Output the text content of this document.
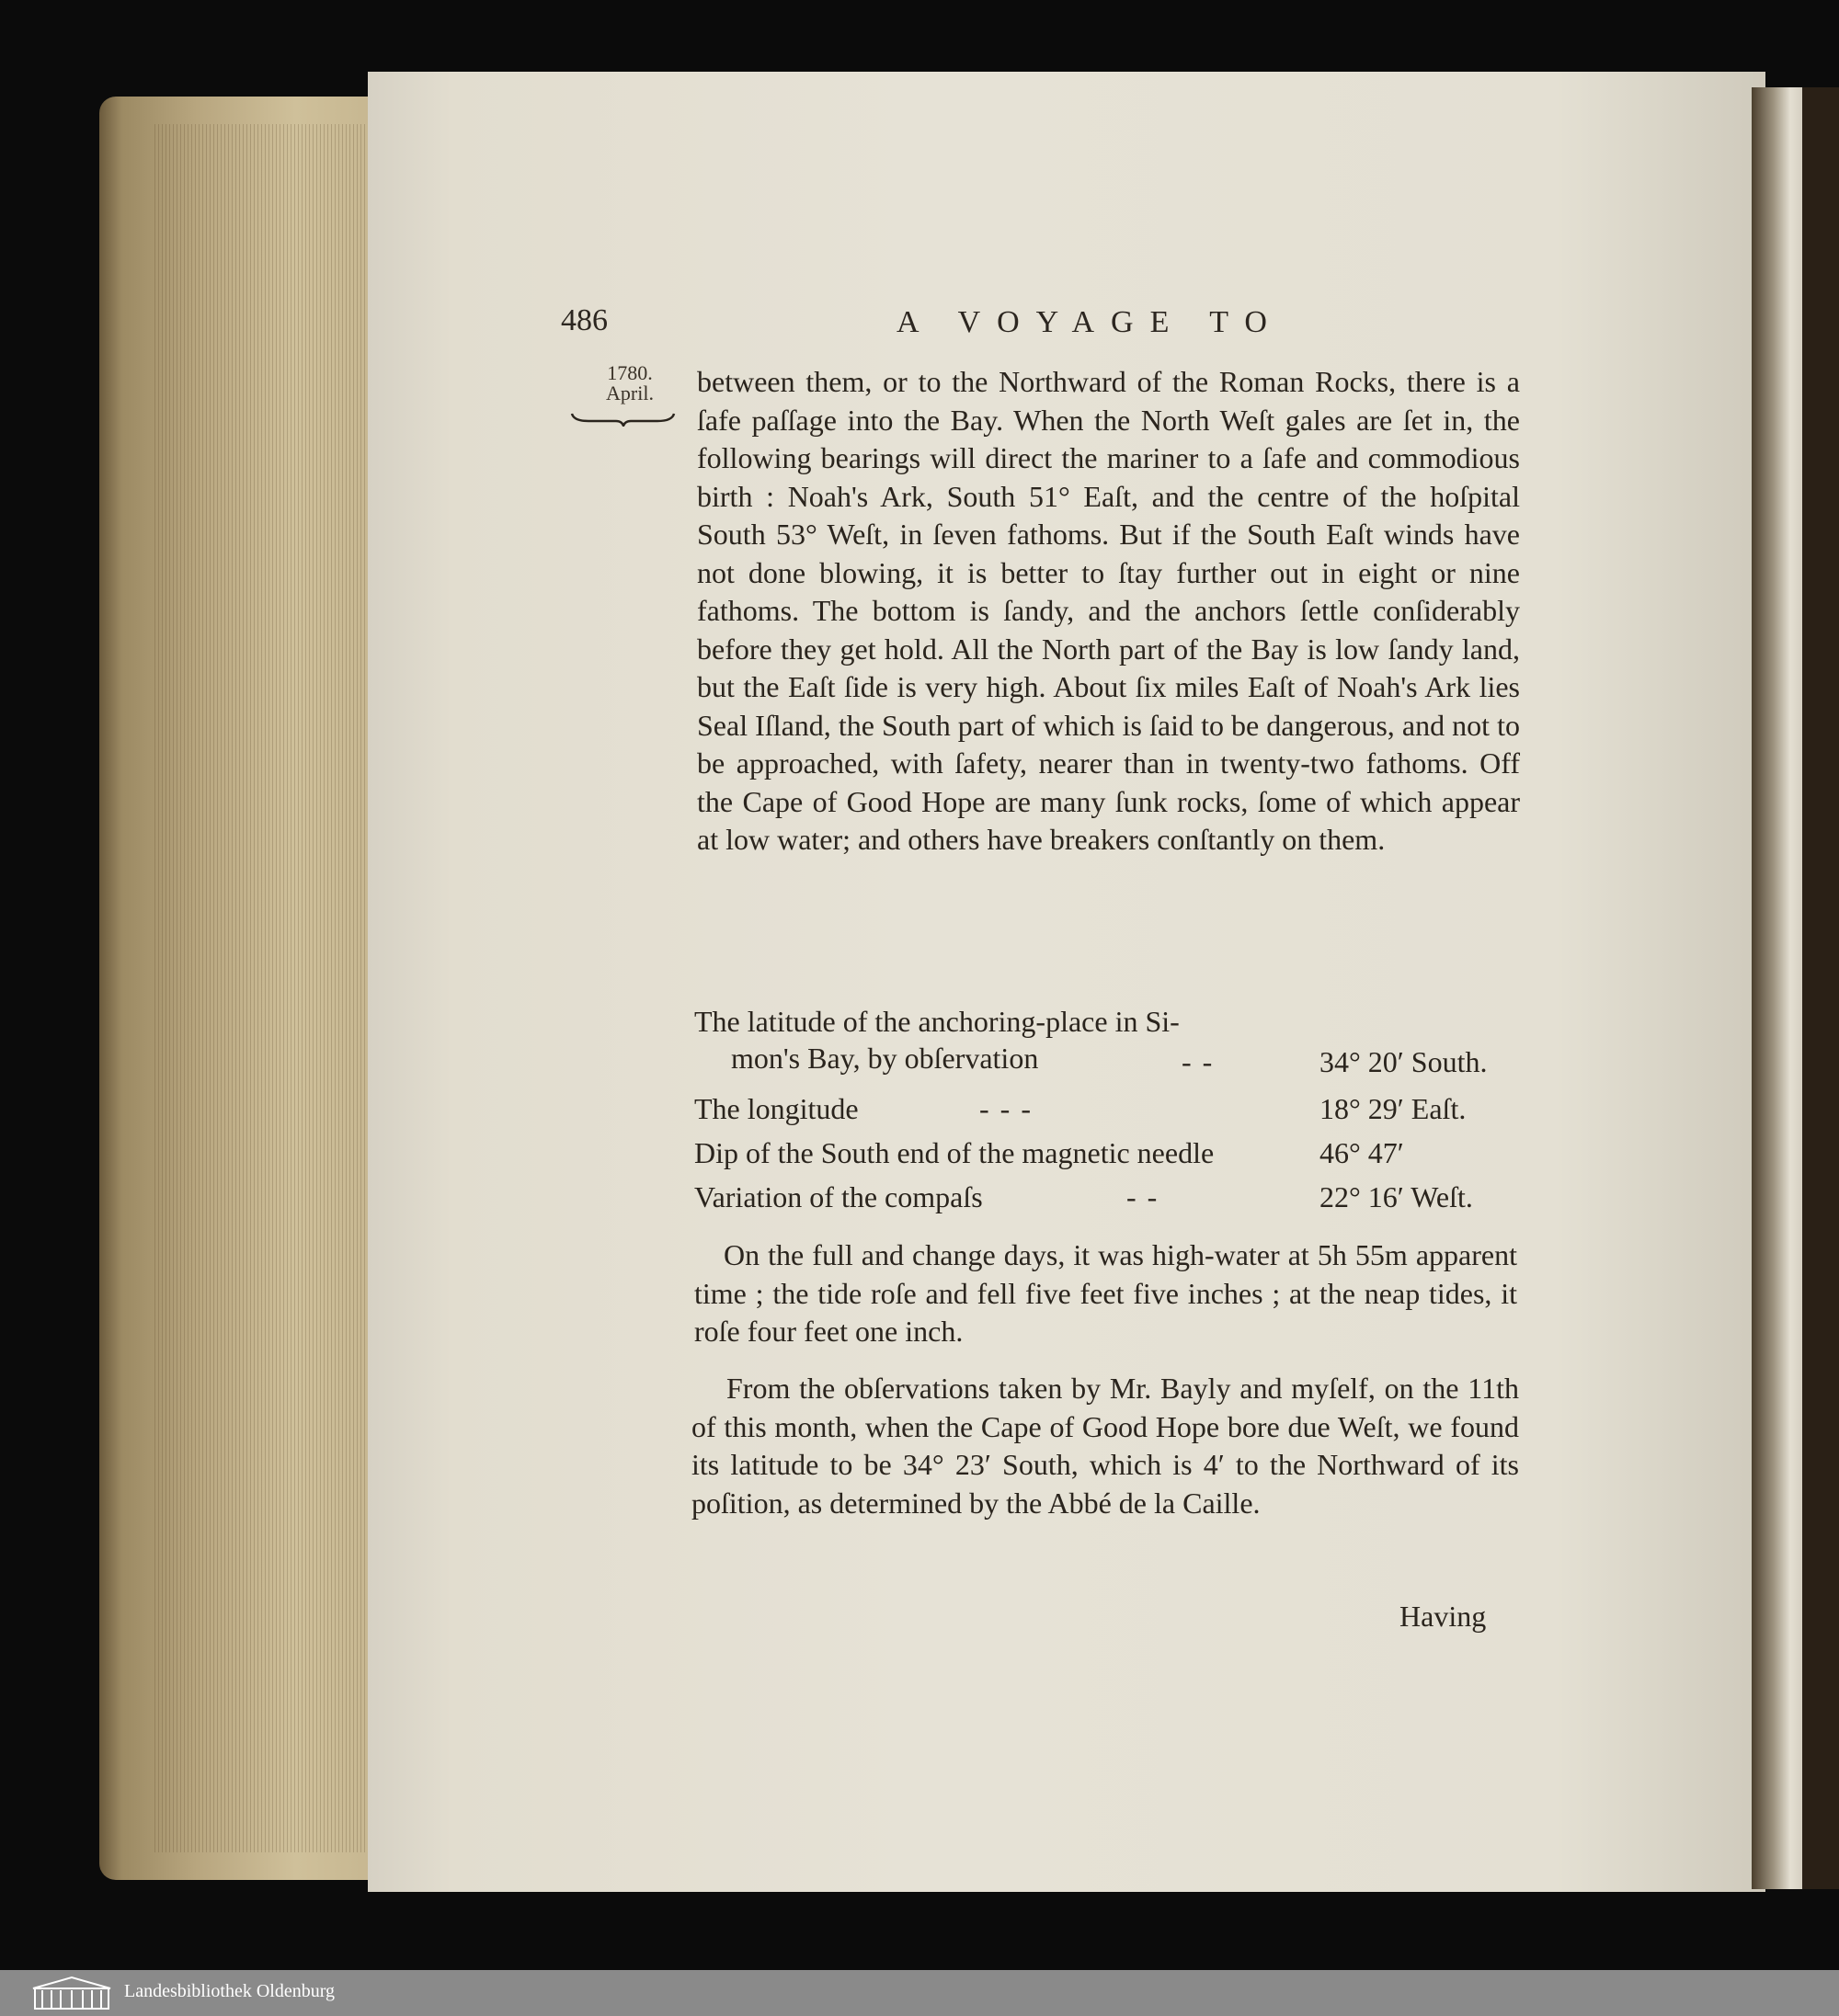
486	A VOYAGE TO
1780.
April.	between them, or to the Northward of the Roman Rocks, there is a ſafe paſſage into the Bay. When the North Weſt gales are ſet in, the following bearings will direct the mariner to a ſafe and commodious birth : Noah's Ark, South 51° Eaſt, and the centre of the hoſpital South 53° Weſt, in ſeven fathoms. But if the South Eaſt winds have not done blowing, it is better to ſtay further out in eight or nine fathoms. The bottom is ſandy, and the anchors ſettle conſiderably before they get hold. All the North part of the Bay is low ſandy land, but the Eaſt ſide is very high. About ſix miles Eaſt of Noah's Ark lies Seal Iſland, the South part of which is ſaid to be dangerous, and not to be approached, with ſafety, nearer than in twenty-two fathoms. Off the Cape of Good Hope are many ſunk rocks, ſome of which appear at low water; and others have breakers conſtantly on them.
The latitude of the anchoring-place in Si-
mon's Bay, by obſervation	- -	34° 20′ South.
The longitude	- - -	18° 29′ Eaſt.
Dip of the South end of the magnetic needle	46° 47′
Variation of the compaſs	- -	22° 16′ Weſt.
On the full and change days, it was high-water at 5h 55m apparent time ; the tide roſe and fell five feet five inches ; at the neap tides, it roſe four feet one inch.
From the obſervations taken by Mr. Bayly and myſelf, on the 11th of this month, when the Cape of Good Hope bore due Weſt, we found its latitude to be 34° 23′ South, which is 4′ to the Northward of its poſition, as determined by the Abbé de la Caille.
Having
Landesbibliothek Oldenburg
